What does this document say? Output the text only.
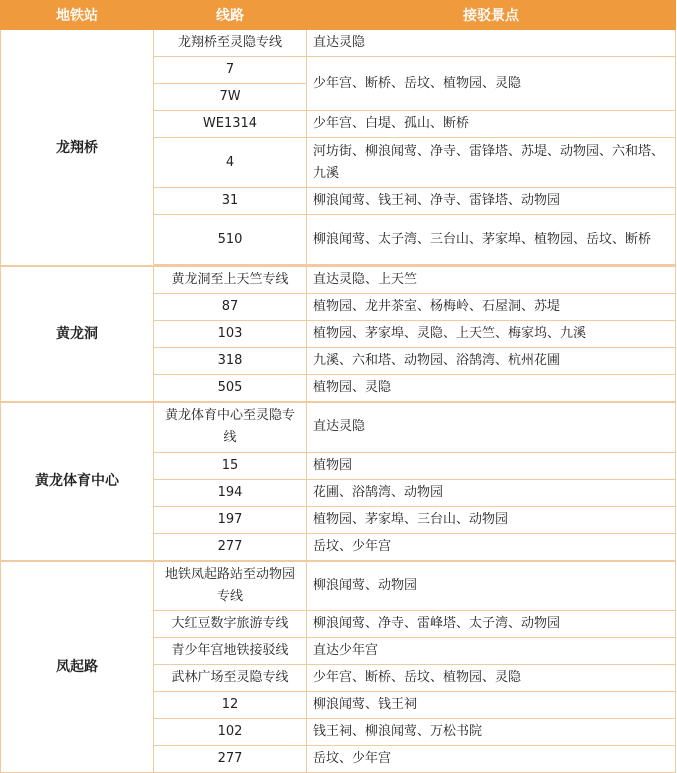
地铁站	线路	接驳景点
龙翔桥	龙翔桥至灵隐专线	直达灵隐
	7	少年宫、断桥、岳坟、植物园、灵隐
	7W	
	WE1314	少年宫、白堤、孤山、断桥
	4	河坊街、柳浪闻莺、净寺、雷锋塔、苏堤、动物园、六和塔、九溪
	31	柳浪闻莺、钱王祠、净寺、雷锋塔、动物园
	510	柳浪闻莺、太子湾、三台山、茅家埠、植物园、岳坟、断桥

黄龙洞	黄龙洞至上天竺专线	直达灵隐、上天竺
	87	植物园、龙井茶室、杨梅岭、石屋洞、苏堤
	103	植物园、茅家埠、灵隐、上天竺、梅家坞、九溪
	318	九溪、六和塔、动物园、浴鹄湾、杭州花圃
	505	植物园、灵隐
黄龙体育中心	黄龙体育中心至灵隐专线	直达灵隐
	15	植物园
	194	花圃、浴鹄湾、动物园
	197	植物园、茅家埠、三台山、动物园
	277	岳坟、少年宫
凤起路	地铁凤起路站至动物园专线	柳浪闻莺、动物园
	大红豆数字旅游专线	柳浪闻莺、净寺、雷峰塔、太子湾、动物园
	青少年宫地铁接驳线	直达少年宫
	武林广场至灵隐专线	少年宫、断桥、岳坟、植物园、灵隐
	12	柳浪闻莺、钱王祠
	102	钱王祠、柳浪闻莺、万松书院
	277	岳坟、少年宫
